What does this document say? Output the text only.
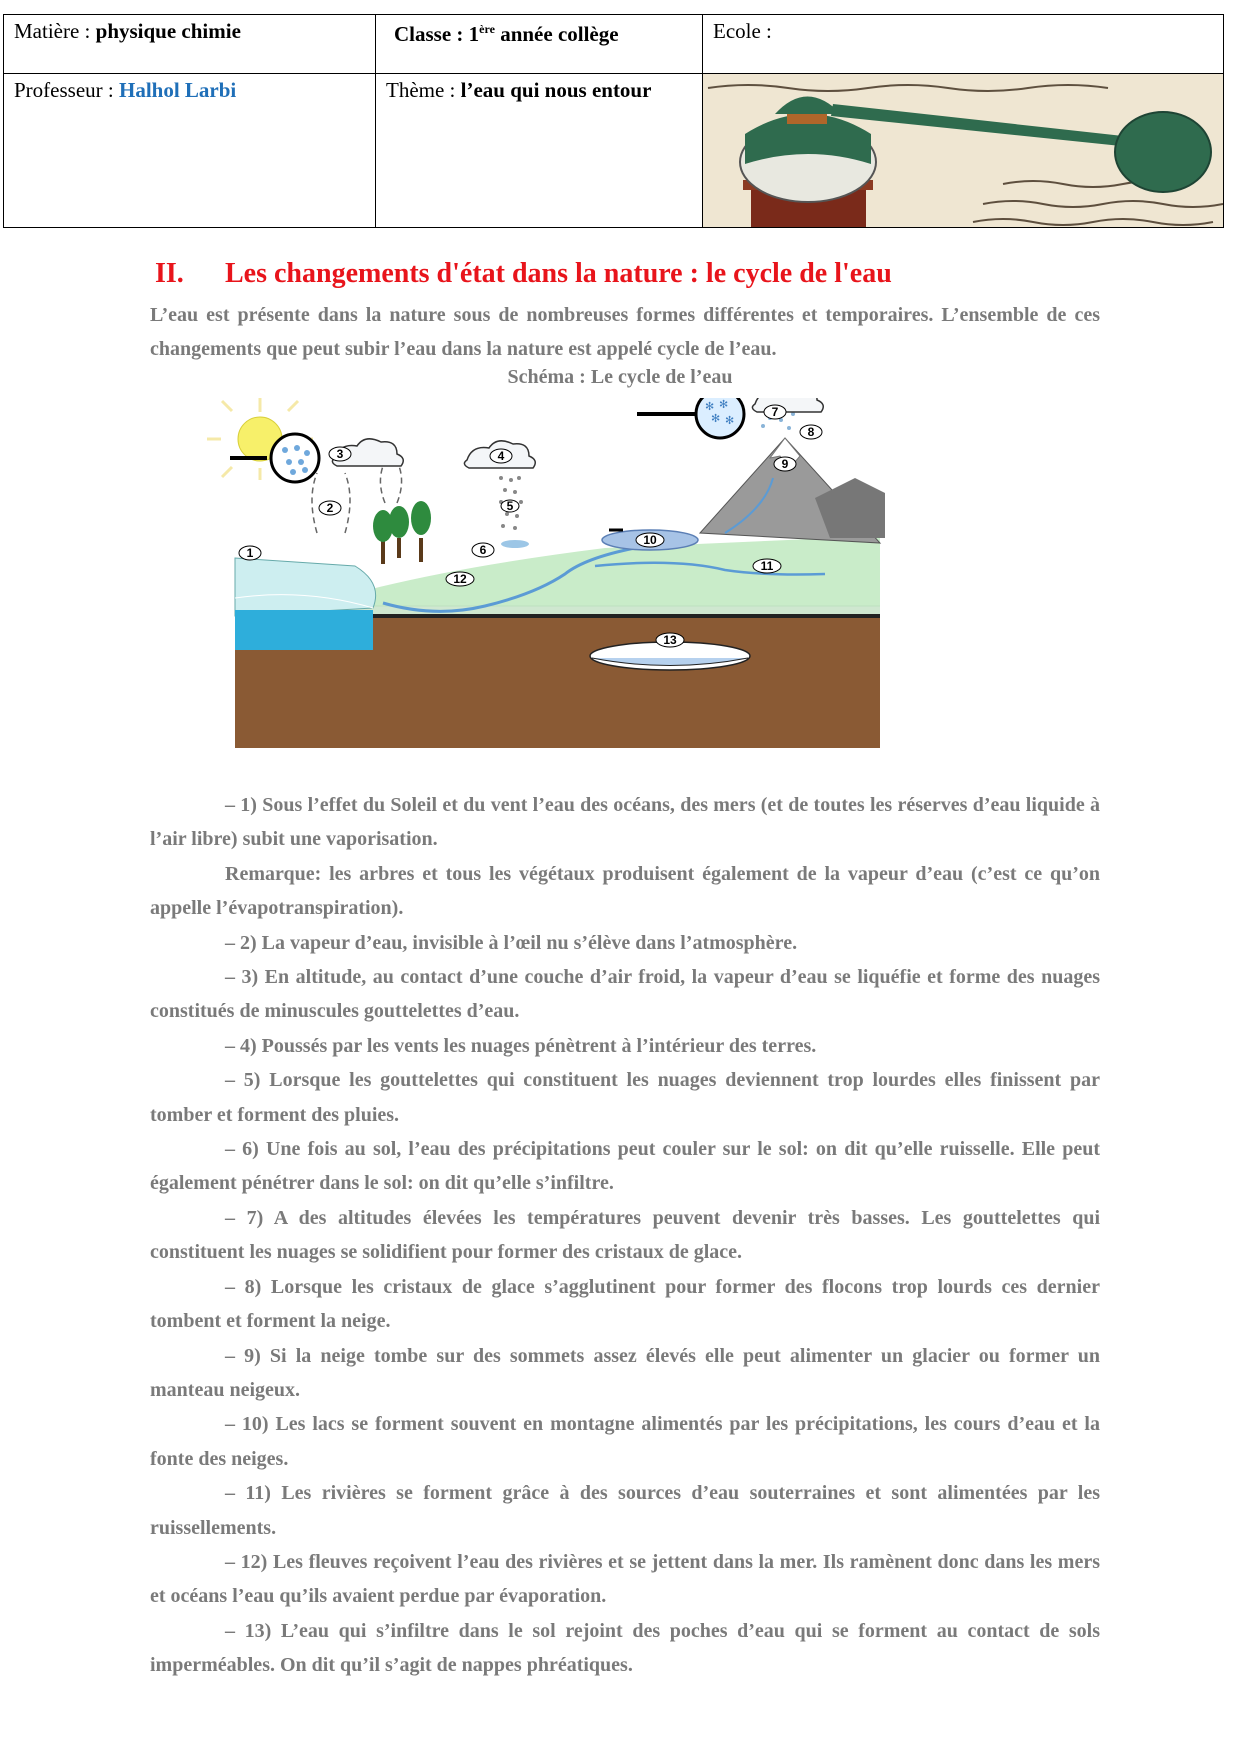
Matière : physique chimie	Classe : 1ère année collège	Ecole :
Professeur : Halhol Larbi	Thème : l’eau qui nous entour
II. Les changements d'état dans la nature : le cycle de l'eau
L’eau est présente dans la nature sous de nombreuses formes différentes et temporaires. L’ensemble de ces changements que peut subir l’eau dans la nature est appelé cycle de l’eau.
Schéma : Le cycle de l’eau
✻ ✻
✻ ✻
1
2
3	4
5
6
7
8
9
10
11
12
13

– 1) Sous l’effet du Soleil et du vent l’eau des océans, des mers (et de toutes les réserves d’eau liquide à l’air libre) subit une vaporisation.

Remarque: les arbres et tous les végétaux produisent également de la vapeur d’eau (c’est ce qu’on appelle l’évapotranspiration).

– 2) La vapeur d’eau, invisible à l’œil nu s’élève dans l’atmosphère.

– 3) En altitude, au contact d’une couche d’air froid, la vapeur d’eau se liquéfie et forme des nuages constitués de minuscules gouttelettes d’eau.

– 4) Poussés par les vents les nuages pénètrent à l’intérieur des terres.

– 5) Lorsque les gouttelettes qui constituent les nuages deviennent trop lourdes elles finissent par tomber et forment des pluies.

– 6) Une fois au sol, l’eau des précipitations peut couler sur le sol: on dit qu’elle ruisselle. Elle peut également pénétrer dans le sol: on dit qu’elle s’infiltre.

– 7) A des altitudes élevées les températures peuvent devenir très basses. Les gouttelettes qui constituent les nuages se solidifient pour former des cristaux de glace.

– 8) Lorsque les cristaux de glace s’agglutinent pour former des flocons trop lourds ces dernier tombent et forment la neige.

– 9) Si la neige tombe sur des sommets assez élevés elle peut alimenter un glacier ou former un manteau neigeux.

– 10) Les lacs se forment souvent en montagne alimentés par les précipitations, les cours d’eau et la fonte des neiges.

– 11) Les rivières se forment grâce à des sources d’eau souterraines et sont alimentées par les ruissellements.

– 12) Les fleuves reçoivent l’eau des rivières et se jettent dans la mer. Ils ramènent donc dans les mers et océans l’eau qu’ils avaient perdue par évaporation.

– 13) L’eau qui s’infiltre dans le sol rejoint des poches d’eau qui se forment au contact de sols imperméables. On dit qu’il s’agit de nappes phréatiques.
